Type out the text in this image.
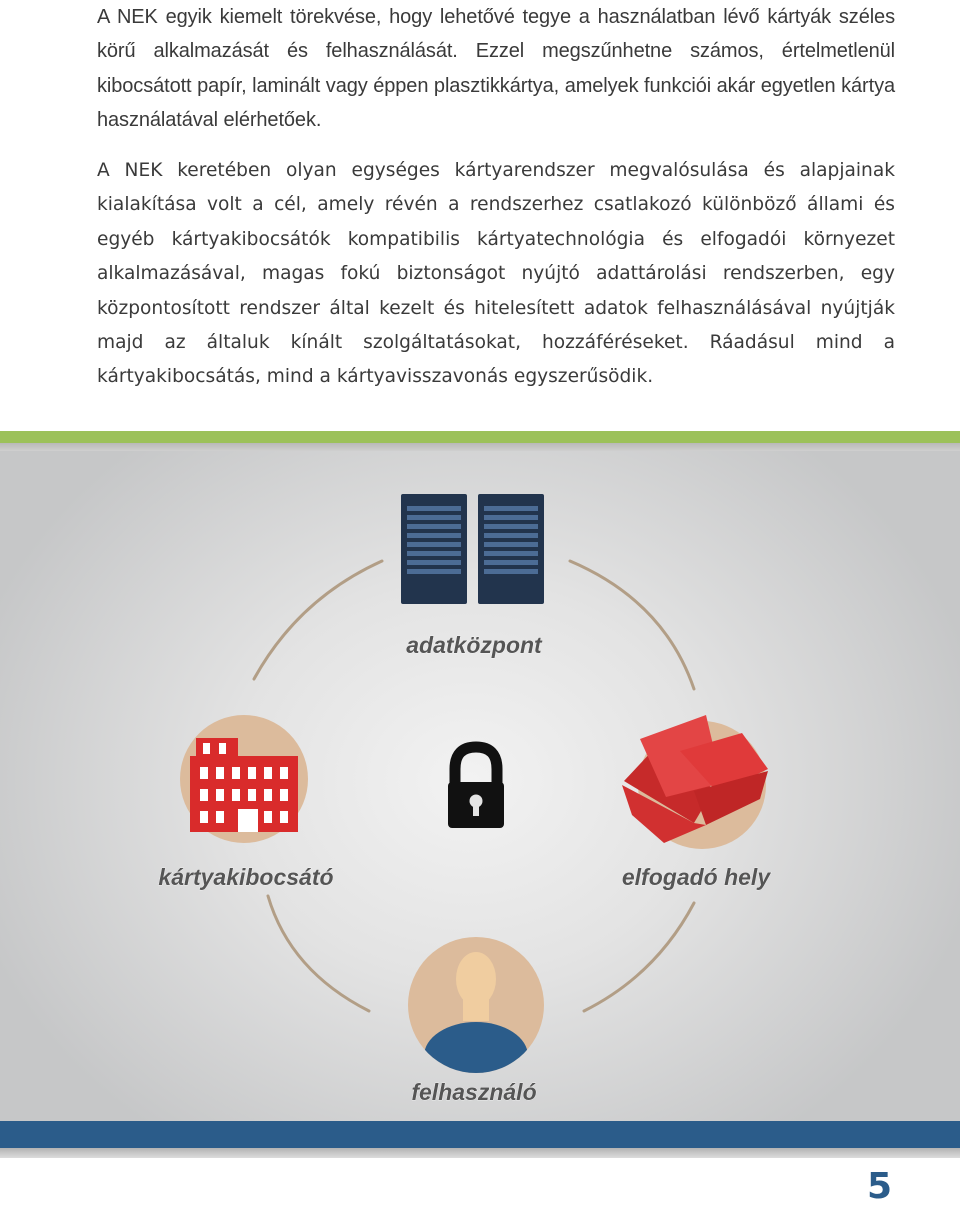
A NEK egyik kiemelt törekvése, hogy lehetővé tegye a használatban lévő kártyák széles körű alkalmazását és felhasználását. Ezzel megszűnhetne számos, értelmetlenül kibocsátott papír, laminált vagy éppen plasztikkártya, amelyek funkciói akár egyetlen kártya használatával elérhetőek.

A NEK keretében olyan egységes kártyarendszer megvalósulása és alapjainak kialakítása volt a cél, amely révén a rendszerhez csatlakozó különböző állami és egyéb kártyakibocsátók kompatibilis kártyatechnológia és elfogadói környezet alkalmazásával, magas fokú biztonságot nyújtó adattárolási rendszerben, egy központosított rendszer által kezelt és hitelesített adatok felhasználásával nyújtják majd az általuk kínált szolgáltatásokat, hozzáféréseket. Ráadásul mind a kártyakibocsátás, mind a kártyavisszavonás egyszerűsödik.

adatközpont
kártyakibocsátó	elfogadó hely
felhasználó
5
